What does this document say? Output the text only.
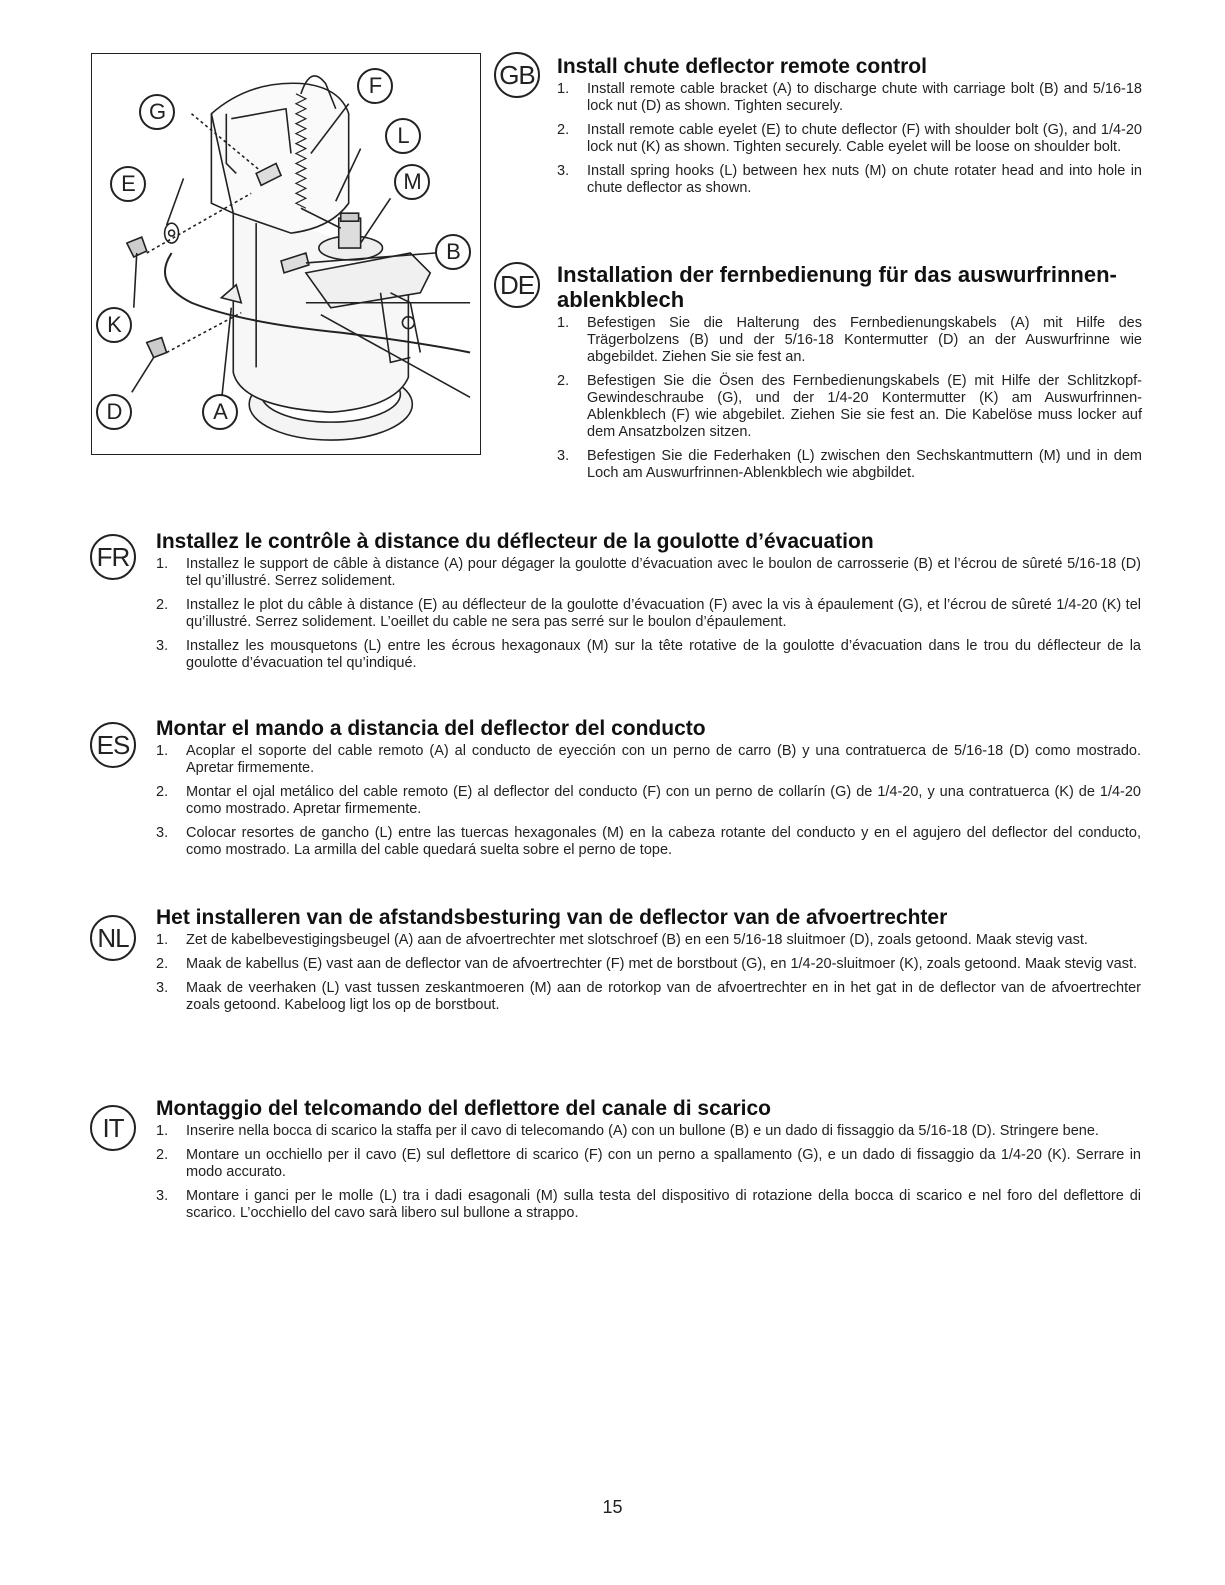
G
F
L
E	M
B
K
D	A
GB Install chute deflector remote control
1.	Install remote cable bracket (A) to discharge chute with carriage bolt (B) and 5/16-18 lock nut (D) as shown. Tighten securely.
2.	Install remote cable eyelet (E) to chute deflector (F) with shoulder bolt (G), and 1/4-20 lock nut (K) as shown. Tighten securely. Cable eyelet will be loose on shoulder bolt.
3.	Install spring hooks (L) between hex nuts (M) on chute rotater head and into hole in chute deflector as shown.
DE Installation der fernbedienung für das auswurfrinnen-ablenkblech
1.	Befestigen Sie die Halterung des Fernbedienungskabels (A) mit Hilfe des Trägerbolzens (B) und der 5/16-18 Kontermutter (D) an der Auswurfrinne wie abgebildet. Ziehen Sie sie fest an.
2.	Befestigen Sie die Ösen des Fernbedienungskabels (E) mit Hilfe der Schlitzkopf-Gewindeschraube (G), und der 1/4-20 Kontermutter (K) am Auswurfrinnen-Ablenkblech (F) wie abgebilet. Ziehen Sie sie fest an. Die Kabelöse muss locker auf dem Ansatzbolzen sitzen.
3.	Befestigen Sie die Federhaken (L) zwischen den Sechskantmuttern (M) und in dem Loch am Auswurfrinnen-Ablenkblech wie abgbildet.
FR	Installez le contrôle à distance du déflecteur de la goulotte d’évacuation
1.	Installez le support de câble à distance (A) pour dégager la goulotte d’évacuation avec le boulon de carrosserie (B) et l’écrou de sûreté 5/16-18 (D) tel qu’illustré. Serrez solidement.
2.	Installez le plot du câble à distance (E) au déflecteur de la goulotte d’évacuation (F) avec la vis à épaulement (G), et l’écrou de sûreté 1/4-20 (K) tel qu’illustré. Serrez solidement. L’oeillet du cable ne sera pas serré sur le boulon d’épaulement.
3.	Installez les mousquetons (L) entre les écrous hexagonaux (M) sur la tête rotative de la goulotte d’évacuation dans le trou du déflecteur de la goulotte d’évacuation tel qu’indiqué.
ES
Montar el mando a distancia del deflector del conducto
1.	Acoplar el soporte del cable remoto (A) al conducto de eyección con un perno de carro (B) y una contratuerca de 5/16-18 (D) como mostrado. Apretar firmemente.
2.	Montar el ojal metálico del cable remoto (E) al deflector del conducto (F) con un perno de collarín (G) de 1/4-20, y una contratuerca (K) de 1/4-20 como mostrado. Apretar firmemente.
3.	Colocar resortes de gancho (L) entre las tuercas hexagonales (M) en la cabeza rotante del conducto y en el agujero del deflector del conducto, como mostrado. La armilla del cable quedará suelta sobre el perno de tope.
NL
Het installeren van de afstandsbesturing van de deflector van de afvoertrechter
1.	Zet de kabelbevestigingsbeugel (A) aan de afvoertrechter met slotschroef (B) en een 5/16-18 sluitmoer (D), zoals getoond. Maak stevig vast.
2.	Maak de kabellus (E) vast aan de deflector van de afvoertrechter (F) met de borstbout (G), en 1/4-20-sluitmoer (K), zoals getoond. Maak stevig vast.
3.	Maak de veerhaken (L) vast tussen zeskantmoeren (M) aan de rotorkop van de afvoertrechter en in het gat in de deflector van de afvoertrechter zoals getoond. Kabeloog ligt los op de borstbout.
IT
Montaggio del telcomando del deflettore del canale di scarico
1.	Inserire nella bocca di scarico la staffa per il cavo di telecomando (A) con un bullone (B) e un dado di fissaggio da 5/16-18 (D). Stringere bene.
2.	Montare un occhiello per il cavo (E) sul deflettore di scarico (F) con un perno a spallamento (G), e un dado di fissaggio da 1/4-20 (K). Serrare in modo accurato.
3.	Montare i ganci per le molle (L) tra i dadi esagonali (M) sulla testa del dispositivo di rotazione della bocca di scarico e nel foro del deflettore di scarico. L’occhiello del cavo sarà libero sul bullone a strappo.
15
